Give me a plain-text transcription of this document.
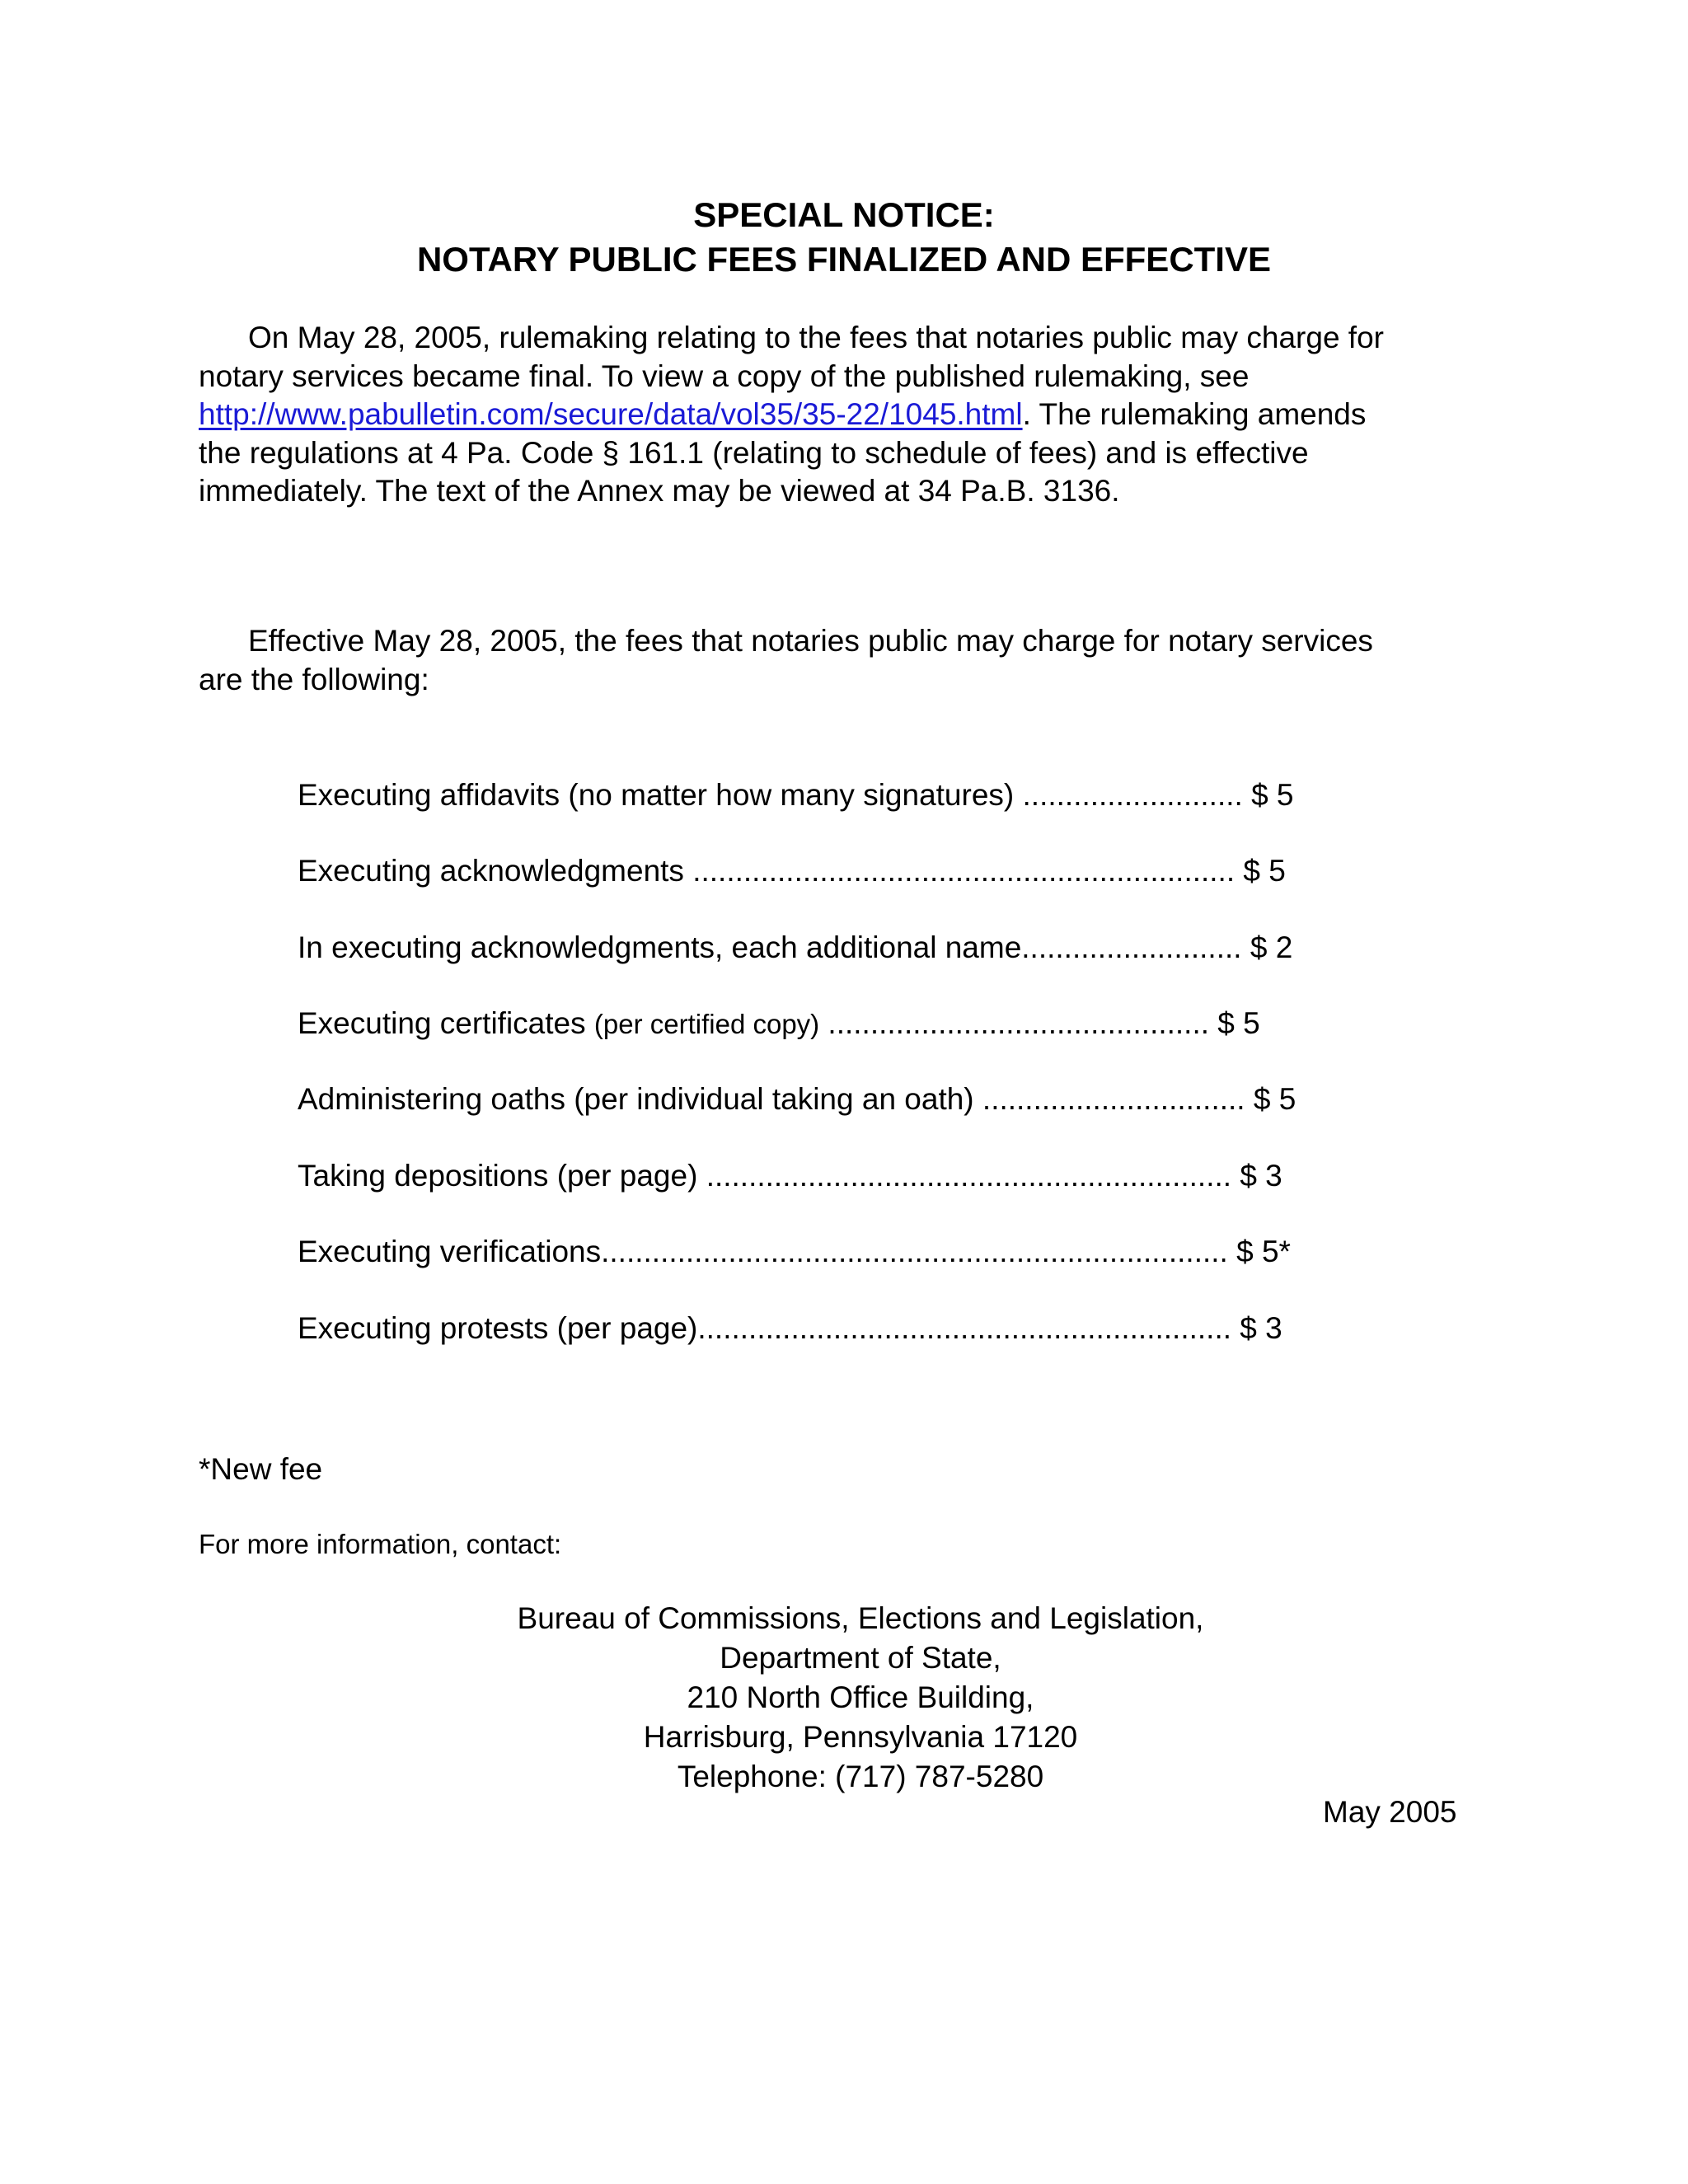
SPECIAL NOTICE:
NOTARY PUBLIC FEES FINALIZED AND EFFECTIVE
On May 28, 2005, rulemaking relating to the fees that notaries public may charge for
notary services became final. To view a copy of the published rulemaking, see
http://www.pabulletin.com/secure/data/vol35/35-22/1045.html. The rulemaking amends
the regulations at 4 Pa. Code § 161.1 (relating to schedule of fees) and is effective
immediately. The text of the Annex may be viewed at 34 Pa.B. 3136.
Effective May 28, 2005, the fees that notaries public may charge for notary services
are the following:
Executing affidavits (no matter how many signatures) .......................... $ 5
Executing acknowledgments ................................................................ $ 5
In executing acknowledgments, each additional name.......................... $ 2
Executing certificates (per certified copy) ............................................. $ 5
Administering oaths (per individual taking an oath) ............................... $ 5
Taking depositions (per page) .............................................................. $ 3
Executing verifications.......................................................................... $ 5*
Executing protests (per page)............................................................... $ 3
*New fee
For more information, contact:
Bureau of Commissions, Elections and Legislation,
Department of State,
210 North Office Building,
Harrisburg, Pennsylvania 17120
Telephone: (717) 787-5280
May 2005
